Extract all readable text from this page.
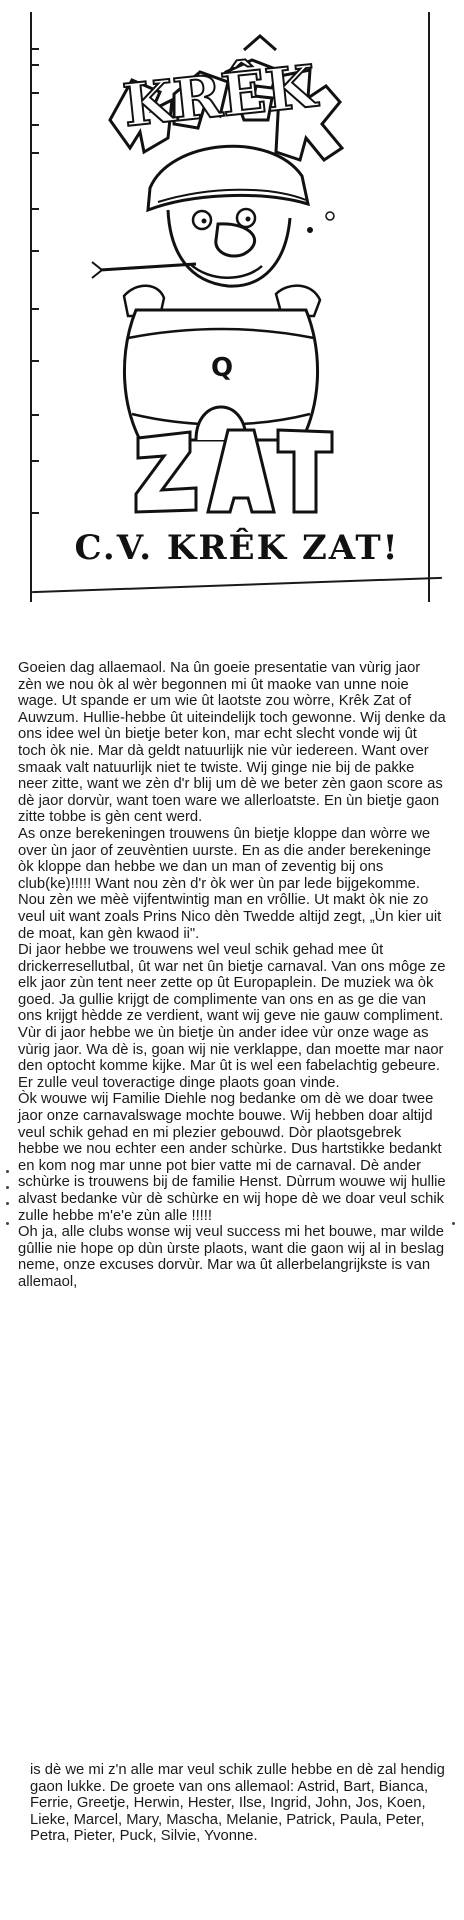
KRÊK
Q
C.V. KRÊK ZAT!

Goeien dag allaemaol. Na ûn goeie presentatie van vùrig jaor zèn we nou òk al wèr begonnen mi ût maoke van unne noie wage. Ut spande er um wie ût laotste zou wòrre, Krêk Zat of Auwzum. Hullie-hebbe ût uiteindelijk toch gewonne. Wij denke da ons idee wel ùn bietje beter kon, mar echt slecht vonde wij ût toch òk nie. Mar dà geldt natuurlijk nie vùr iedereen. Want over smaak valt natuurlijk niet te twiste. Wij ginge nie bij de pakke neer zitte, want we zèn d'r blij um dè we beter zèn gaon score as dè jaor dorvùr, want toen ware we allerloatste. En ùn bietje gaon zitte tobbe is gèn cent werd.

As onze berekeningen trouwens ûn bietje kloppe dan wòrre we over ùn jaor of zeuvèntien uurste. En as die ander berekeninge òk kloppe dan hebbe we dan un man of zeventig bij ons club(ke)!!!!! Want nou zèn d'r òk wer ùn par lede bijgekomme. Nou zèn we mèè vijfentwintig man en vrôllie. Ut makt òk nie zo veul uit want zoals Prins Nico dèn Twedde altijd zegt, „Ùn kier uit de moat, kan gèn kwaod ii".

Di jaor hebbe we trouwens wel veul schik gehad mee ût drickerresellutbal, ût war net ûn bietje carnaval. Van ons môge ze elk jaor zùn tent neer zette op ût Europaplein. De muziek wa òk goed. Ja gullie krijgt de complimente van ons en as ge die van ons krijgt hèdde ze verdient, want wij geve nie gauw compliment.

Vùr di jaor hebbe we ùn bietje ùn ander idee vùr onze wage as vùrig jaor. Wa dè is, goan wij nie verklappe, dan moette mar naor den optocht komme kijke. Mar ût is wel een fabelachtig gebeure. Er zulle veul toveractige dinge plaots goan vinde.

Òk wouwe wij Familie Diehle nog bedanke om dè we doar twee jaor onze carnavalswage mochte bouwe. Wij hebben doar altijd veul schik gehad en mi plezier gebouwd. Dòr plaotsgebrek hebbe we nou echter een ander schùrke. Dus hartstikke bedankt en kom nog mar unne pot bier vatte mi de carnaval. Dè ander schùrke is trouwens bij de familie Henst. Dùrrum wouwe wij hullie alvast bedanke vùr dè schùrke en wij hope dè we doar veul schik zulle hebbe m'e'e zùn alle !!!!!

Oh ja, alle clubs wonse wij veul success mi het bouwe, mar wilde gûllie nie hope op dùn ùrste plaots, want die gaon wij al in beslag neme, onze excuses dorvùr. Mar wa ût allerbelangrijkste is van allemaol,

is dè we mi z'n alle mar veul schik zulle hebbe en dè zal hendig gaon lukke. De groete van ons allemaol: Astrid, Bart, Bianca, Ferrie, Greetje, Herwin, Hester, Ilse, Ingrid, John, Jos, Koen, Lieke, Marcel, Mary, Mascha, Melanie, Patrick, Paula, Peter, Petra, Pieter, Puck, Silvie, Yvonne.
